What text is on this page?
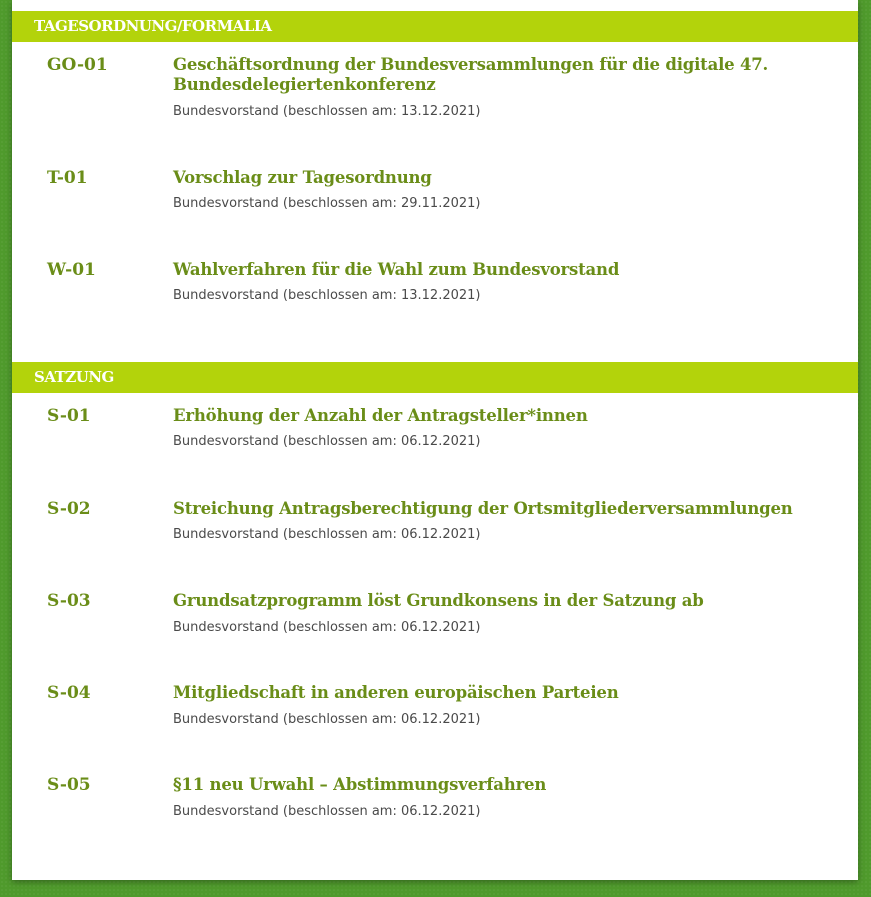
TAGESORDNUNG/FORMALIA
GO-01	Geschäftsordnung der Bundesversammlungen für die digitale 47. Bundesdelegiertenkonferenz
Bundesvorstand (beschlossen am: 13.12.2021)
T-01	Vorschlag zur Tagesordnung
Bundesvorstand (beschlossen am: 29.11.2021)
W-01	Wahlverfahren für die Wahl zum Bundesvorstand
Bundesvorstand (beschlossen am: 13.12.2021)
SATZUNG
S-01	Erhöhung der Anzahl der Antragsteller*innen
Bundesvorstand (beschlossen am: 06.12.2021)
S-02	Streichung Antragsberechtigung der Ortsmitgliederversammlungen
Bundesvorstand (beschlossen am: 06.12.2021)
S-03	Grundsatzprogramm löst Grundkonsens in der Satzung ab
Bundesvorstand (beschlossen am: 06.12.2021)
S-04	Mitgliedschaft in anderen europäischen Parteien
Bundesvorstand (beschlossen am: 06.12.2021)
S-05	§11 neu Urwahl – Abstimmungsverfahren
Bundesvorstand (beschlossen am: 06.12.2021)
